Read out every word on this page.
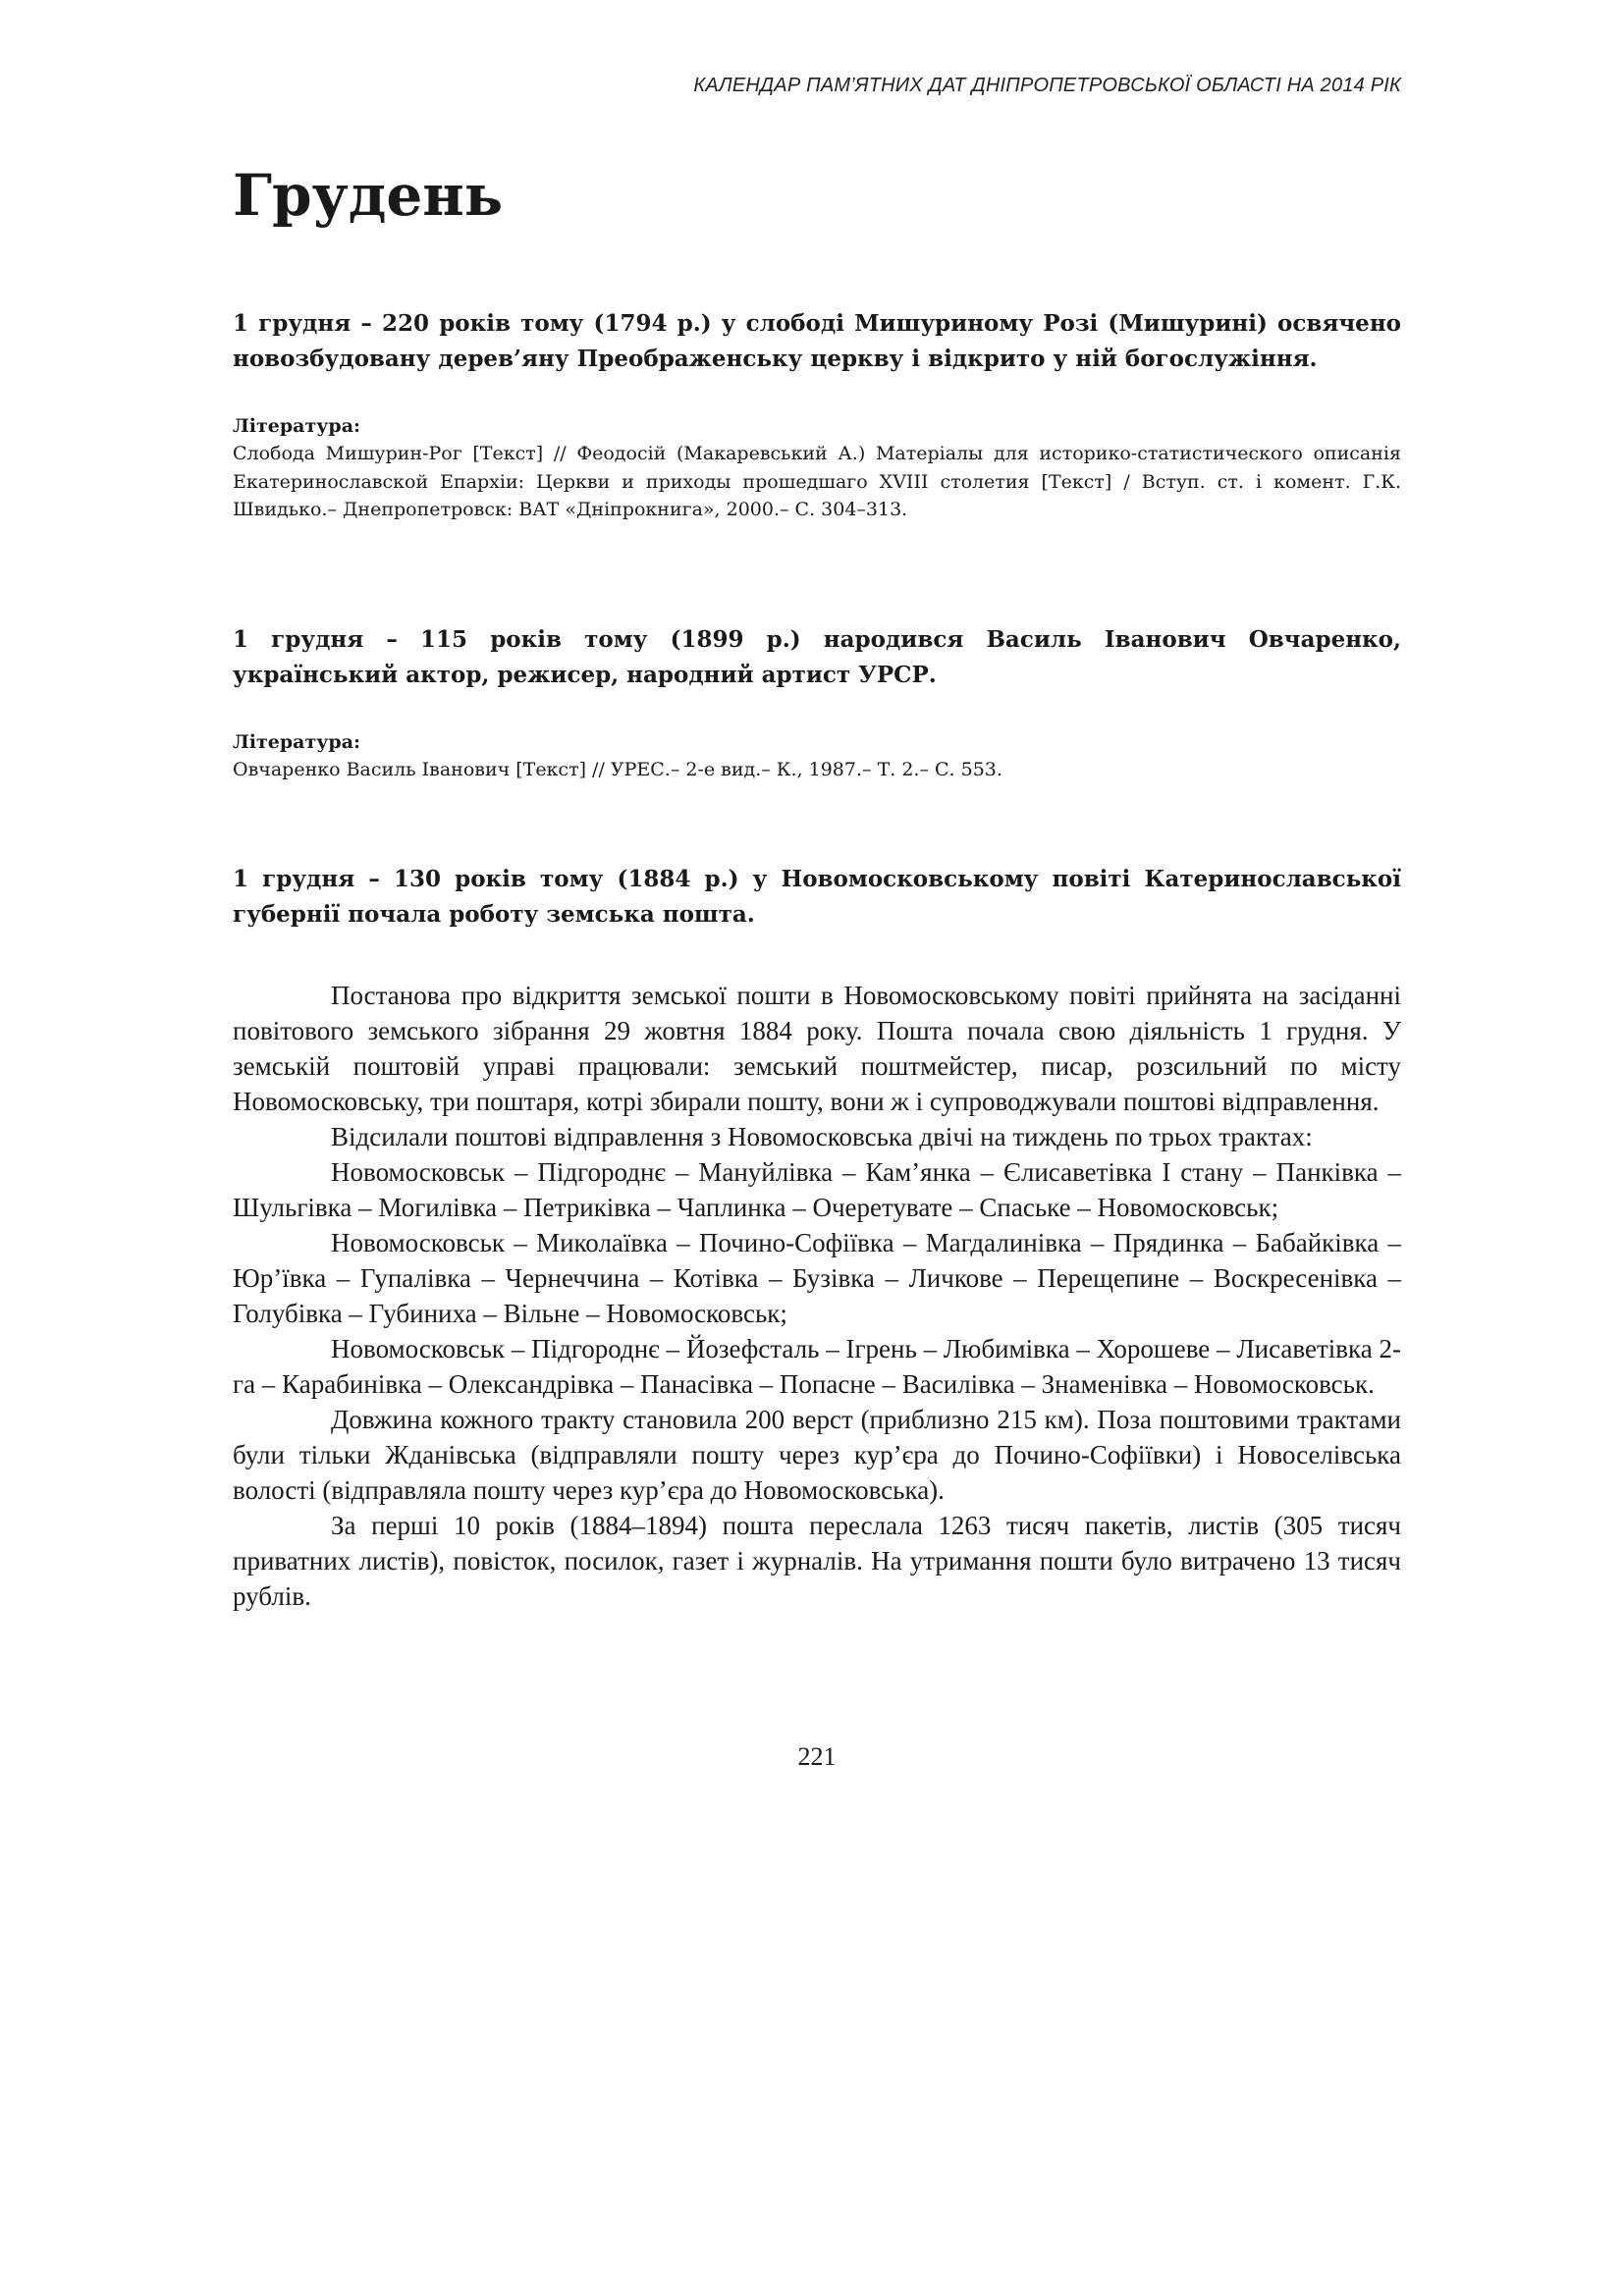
КАЛЕНДАР ПАМ’ЯТНИХ ДАТ ДНІПРОПЕТРОВСЬКОЇ ОБЛАСТІ НА 2014 РІК
Грудень

1 грудня – 220 років тому (1794 р.) у слободі Мишуриному Розі (Мишурині) освячено новозбудовану дерев’яну Преображенську церкву і відкрито у ній богослужіння.

Література:

Слобода Мишурин-Рог [Текст] // Феодосій (Макаревський А.) Матеріалы для историко-статистического описанія Екатеринославской Епархіи: Церкви и приходы прошедшаго XVIII столетия [Текст] / Вступ. ст. і комент. Г.К. Швидько.– Днепропетровск: ВАТ «Дніпрокнига», 2000.– С. 304–313.

1 грудня – 115 років тому (1899 р.) народився Василь Іванович Овчаренко, український актор, режисер, народний артист УРСР.

Література:

Овчаренко Василь Іванович [Текст] // УРЕС.– 2-е вид.– К., 1987.– Т. 2.– С. 553.

1 грудня – 130 років тому (1884 р.) у Новомосковському повіті Катеринославської губернії почала роботу земська пошта.

Постанова про відкриття земської пошти в Новомосковському повіті прийнята на засіданні повітового земського зібрання 29 жовтня 1884 року. Пошта почала свою діяльність 1 грудня. У земській поштовій управі працювали: земський поштмейстер, писар, розсильний по місту Новомосковську, три поштаря, котрі збирали пошту, вони ж і супроводжували поштові відправлення.

Відсилали поштові відправлення з Новомосковська двічі на тиждень по трьох трактах:

Новомосковськ – Підгороднє – Мануйлівка – Кам’янка – Єлисаветівка І стану – Панківка – Шульгівка – Могилівка – Петриківка – Чаплинка – Очеретувате – Спаське – Новомосковськ;

Новомосковськ – Миколаївка – Почино-Софіївка – Магдалинівка – Прядинка – Бабайківка – Юр’ївка – Гупалівка – Чернеччина – Котівка – Бузівка – Личкове – Перещепине – Воскресенівка – Голубівка – Губиниха – Вільне – Новомосковськ;

Новомосковськ – Підгороднє – Йозефсталь – Ігрень – Любимівка – Хорошеве – Лисаветівка 2-га – Карабинівка – Олександрівка – Панасівка – Попасне – Василівка – Знаменівка – Новомосковськ.

Довжина кожного тракту становила 200 верст (приблизно 215 км). Поза поштовими трактами були тільки Жданівська (відправляли пошту через кур’єра до Почино-Софіївки) і Новоселівська волості (відправляла пошту через кур’єра до Новомосковська).

За перші 10 років (1884–1894) пошта переслала 1263 тисяч пакетів, листів (305 тисяч приватних листів), повісток, посилок, газет і журналів. На утримання пошти було витрачено 13 тисяч рублів.

221
